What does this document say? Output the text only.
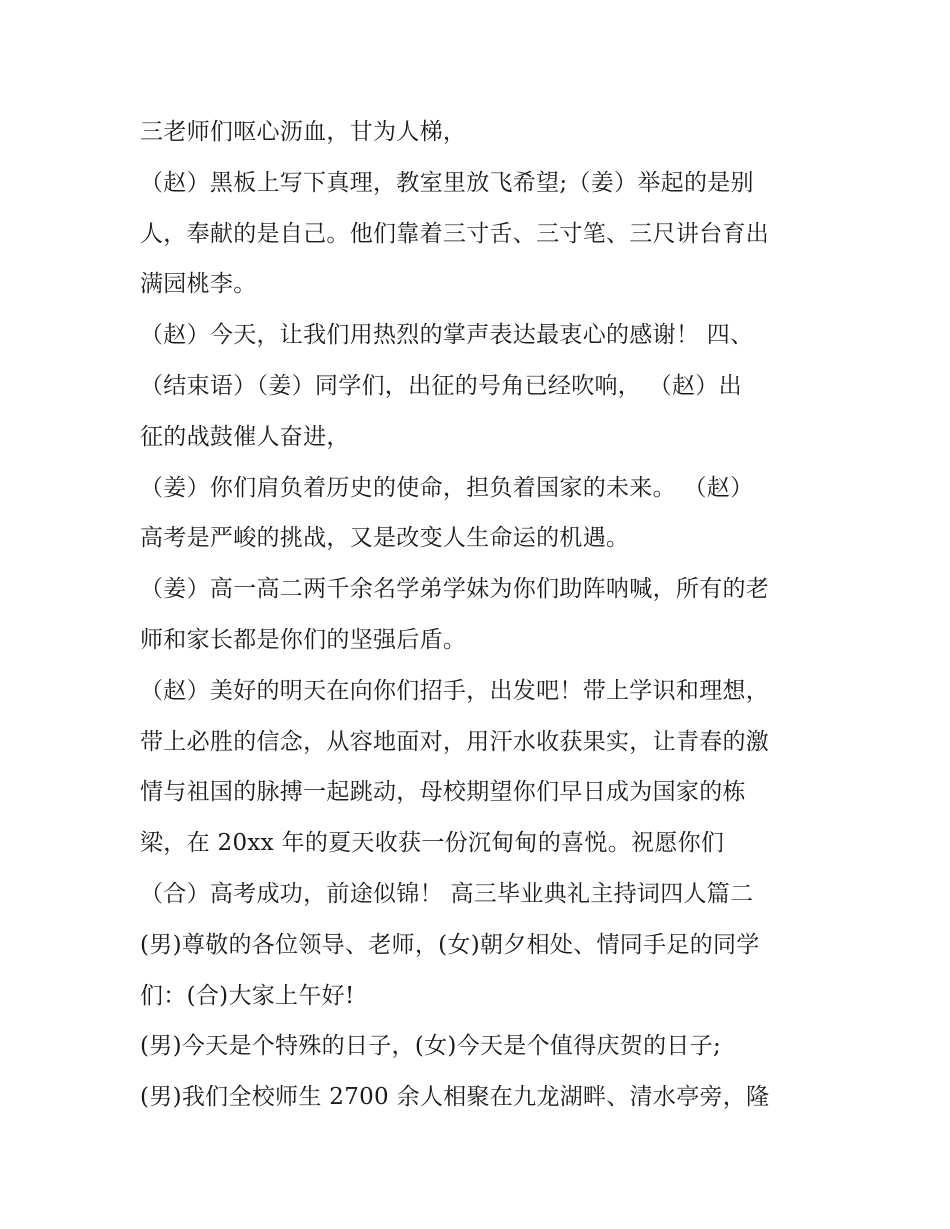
三老师们呕心沥血，甘为人梯，
（赵）黑板上写下真理，教室里放飞希望;（姜）举起的是别
人，奉献的是自己。他们靠着三寸舌、三寸笔、三尺讲台育出
满园桃李。
（赵）今天，让我们用热烈的掌声表达最衷心的感谢！ 四、
（结束语）（姜）同学们，出征的号角已经吹响， （赵）出
征的战鼓催人奋进，
（姜）你们肩负着历史的使命，担负着国家的未来。 （赵）
高考是严峻的挑战，又是改变人生命运的机遇。
（姜）高一高二两千余名学弟学妹为你们助阵呐喊，所有的老
师和家长都是你们的坚强后盾。
（赵）美好的明天在向你们招手，出发吧！带上学识和理想，
带上必胜的信念，从容地面对，用汗水收获果实，让青春的激
情与祖国的脉搏一起跳动，母校期望你们早日成为国家的栋
梁，在 20xx 年的夏天收获一份沉甸甸的喜悦。祝愿你们
（合）高考成功，前途似锦！ 高三毕业典礼主持词四人篇二
(男)尊敬的各位领导、老师，(女)朝夕相处、情同手足的同学
们：(合)大家上午好!
(男)今天是个特殊的日子，(女)今天是个值得庆贺的日子;
(男)我们全校师生 2700 余人相聚在九龙湖畔、清水亭旁，隆
